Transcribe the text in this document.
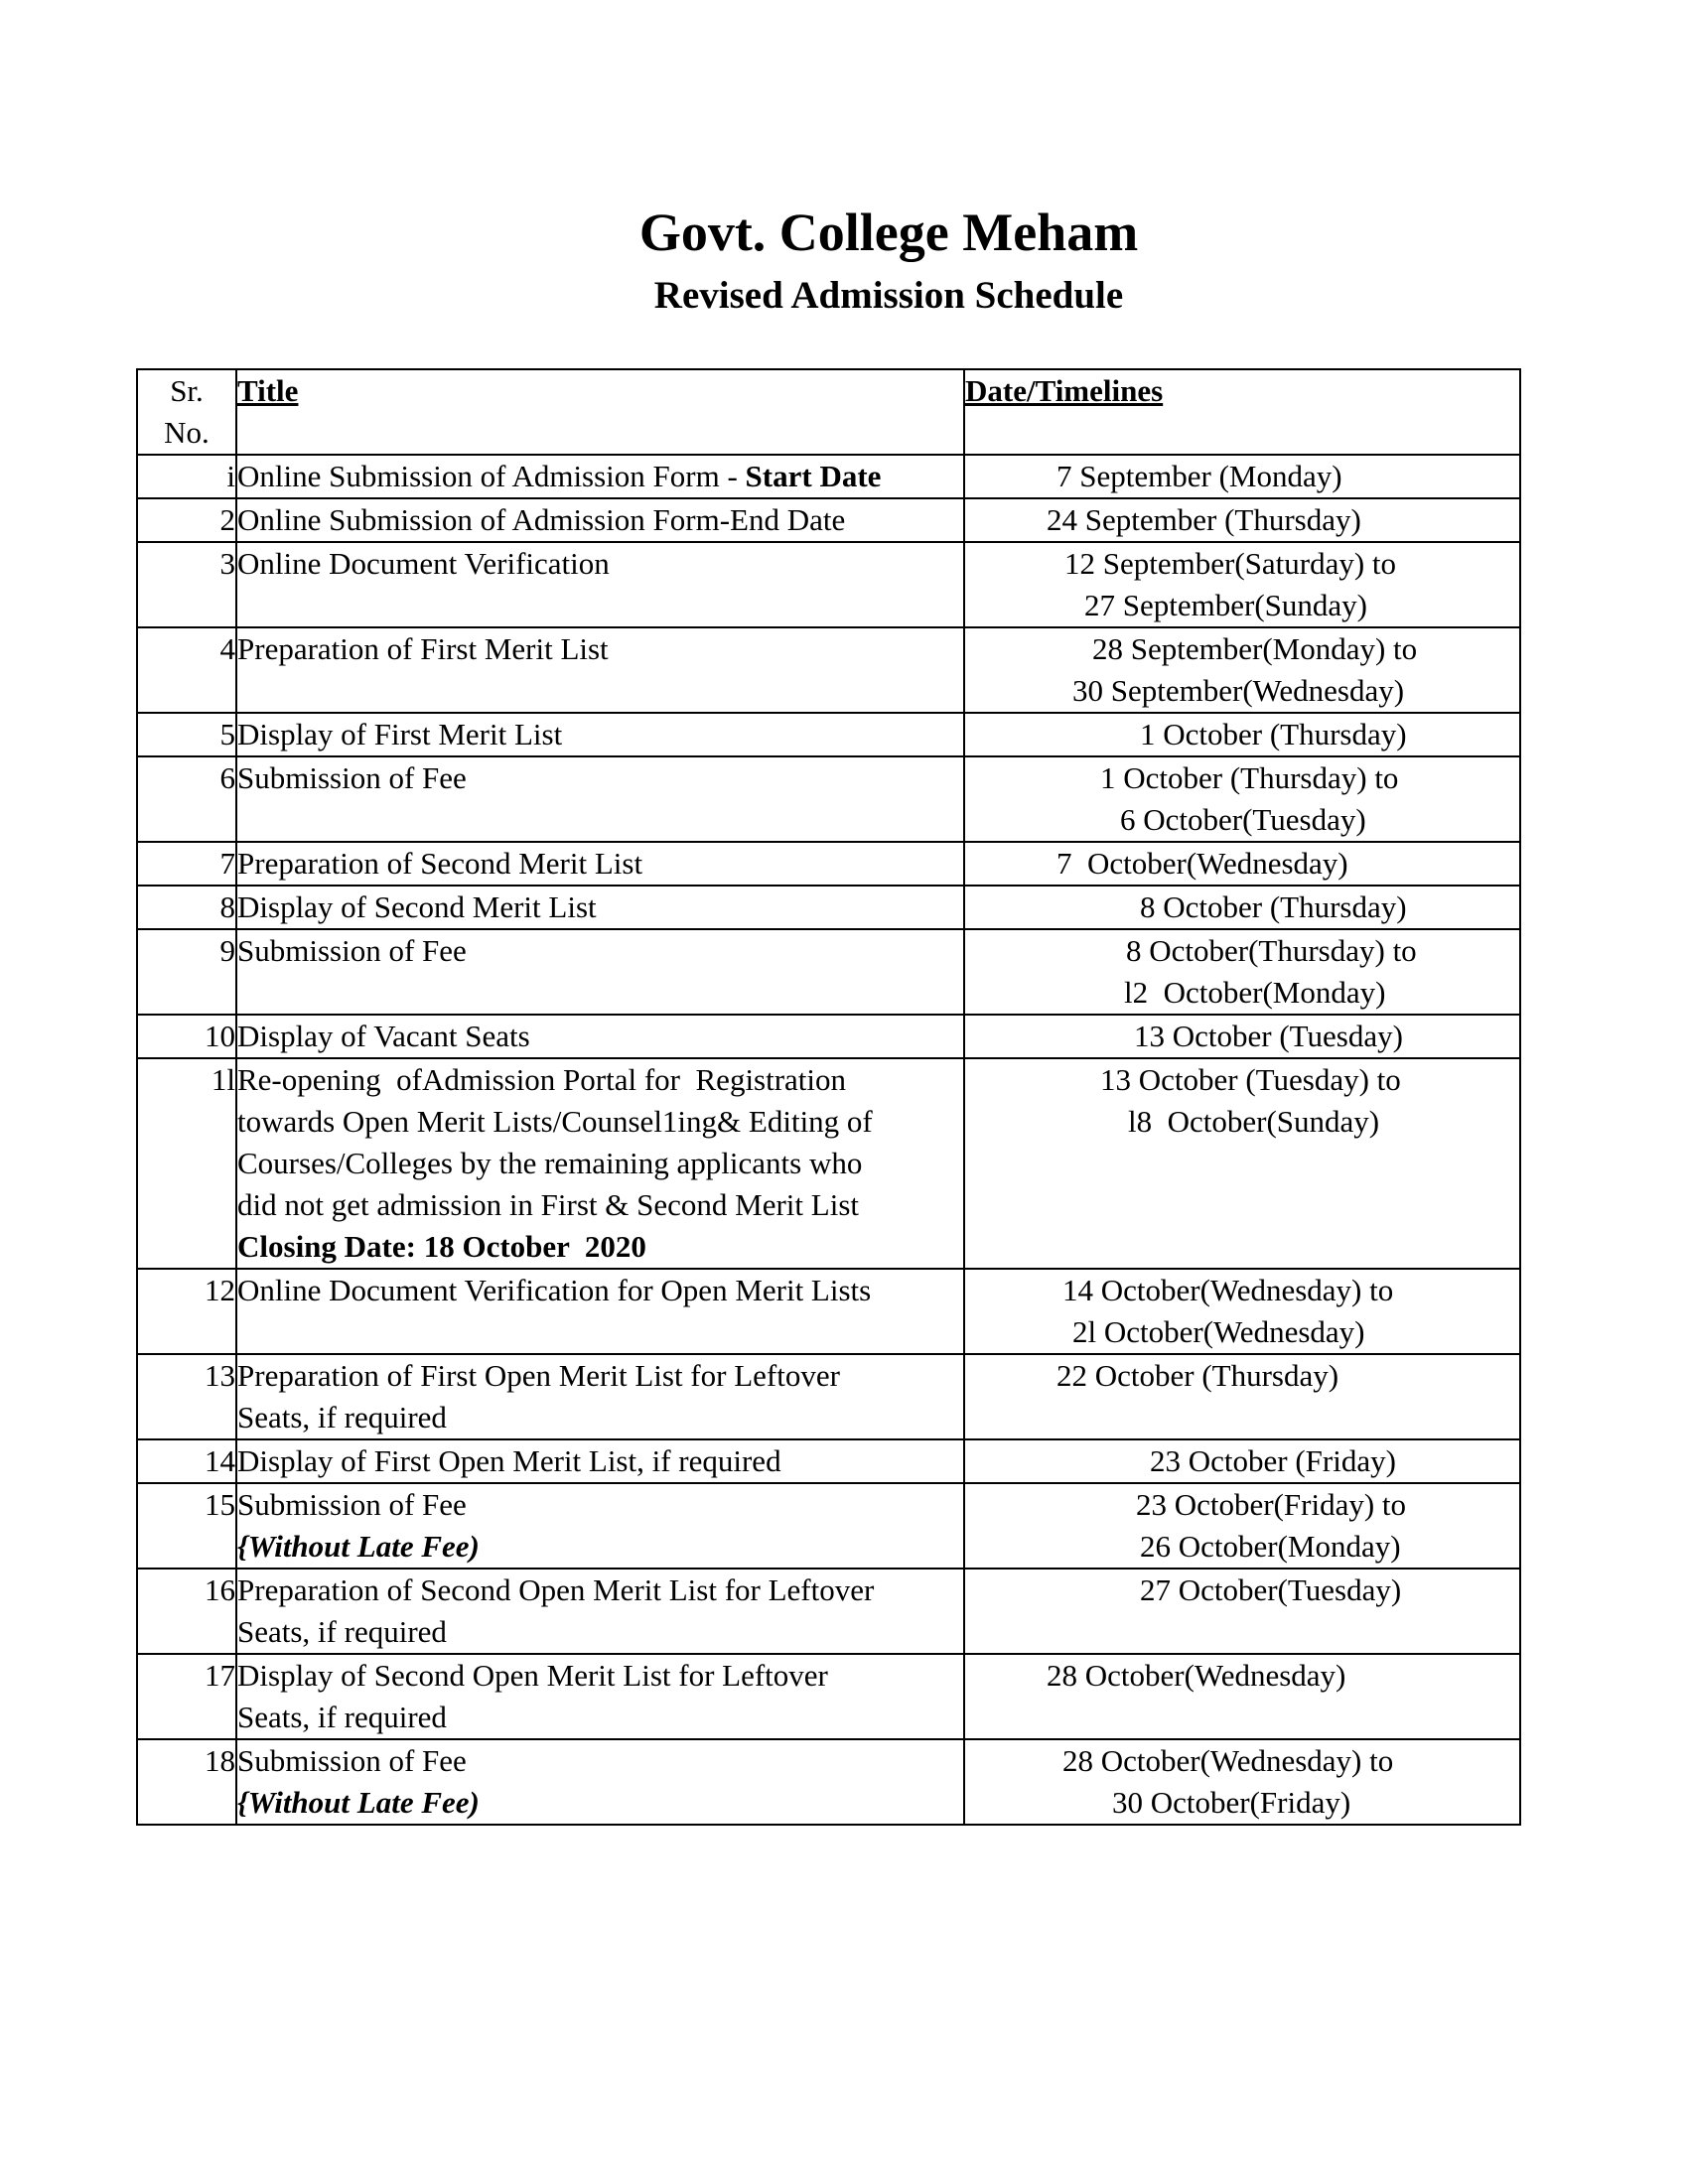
Govt. College Meham
Revised Admission Schedule
Sr.
No.	Title	Date/Timelines
i	Online Submission of Admission Form - Start Date	7 September (Monday)

2	Online Submission of Admission Form-End Date	24 September (Thursday)

3	Online Document Verification	12 September(Saturday) to
27 September(Sunday)

4	Preparation of First Merit List	28 September(Monday) to
30 September(Wednesday)

5	Display of First Merit List	1 October (Thursday)

6	Submission of Fee	1 October (Thursday) to
6 October(Tuesday)

7	Preparation of Second Merit List	7  October(Wednesday)

8	Display of Second Merit List	8 October (Thursday)

9	Submission of Fee	8 October(Thursday) to
l2  October(Monday)

10	Display of Vacant Seats	13 October (Tuesday)

1l	Re-opening  ofAdmission Portal for  Registration
towards Open Merit Lists/Counsel1ing& Editing of
Courses/Colleges by the remaining applicants who
did not get admission in First & Second Merit List
Closing Date: 18 October  2020	13 October (Tuesday) to
l8  October(Sunday)

12	Online Document Verification for Open Merit Lists	14 October(Wednesday) to
2l October(Wednesday)

13	Preparation of First Open Merit List for Leftover
Seats, if required	22 October (Thursday)

14	Display of First Open Merit List, if required	23 October (Friday)

15	Submission of Fee
{Without Late Fee)	23 October(Friday) to
26 October(Monday)

16	Preparation of Second Open Merit List for Leftover
Seats, if required	27 October(Tuesday)

17	Display of Second Open Merit List for Leftover
Seats, if required	28 October(Wednesday)

18	Submission of Fee
{Without Late Fee)	28 October(Wednesday) to
30 October(Friday)
